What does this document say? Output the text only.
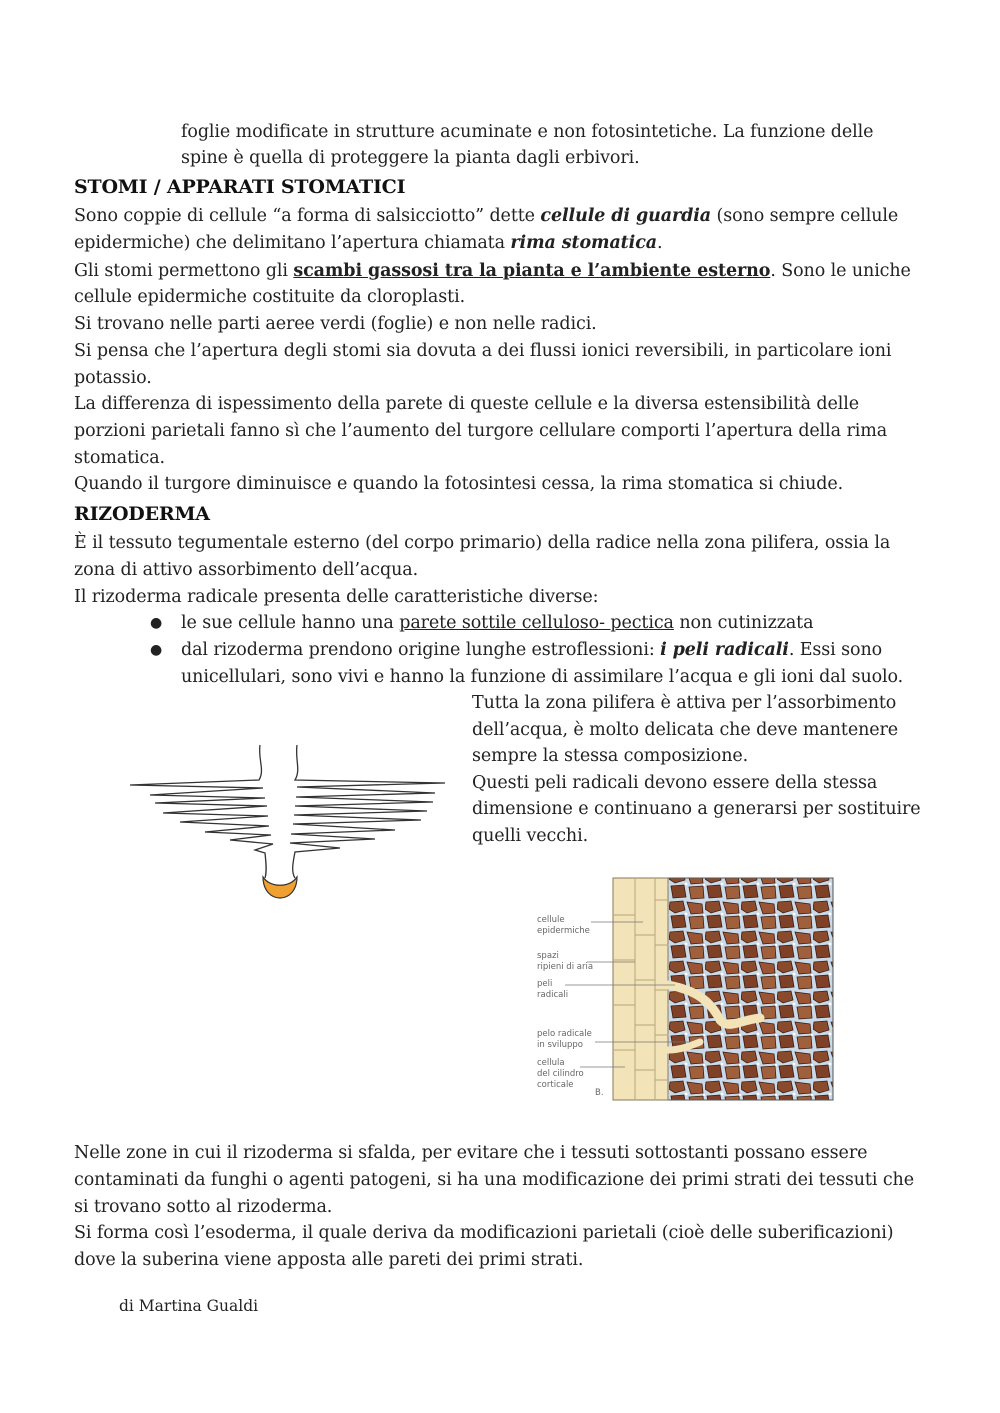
foglie modificate in strutture acuminate e non fotosintetiche. La funzione delle
spine è quella di proteggere la pianta dagli erbivori.
STOMI / APPARATI STOMATICI
Sono coppie di cellule “a forma di salsicciotto” dette cellule di guardia (sono sempre cellule
epidermiche) che delimitano l’apertura chiamata rima stomatica.
Gli stomi permettono gli scambi gassosi tra la pianta e l’ambiente esterno. Sono le uniche
cellule epidermiche costituite da cloroplasti.
Si trovano nelle parti aeree verdi (foglie) e non nelle radici.
Si pensa che l’apertura degli stomi sia dovuta a dei flussi ionici reversibili, in particolare ioni
potassio.
La differenza di ispessimento della parete di queste cellule e la diversa estensibilità delle
porzioni parietali fanno sì che l’aumento del turgore cellulare comporti l’apertura della rima
stomatica.
Quando il turgore diminuisce e quando la fotosintesi cessa, la rima stomatica si chiude.
RIZODERMA
È il tessuto tegumentale esterno (del corpo primario) della radice nella zona pilifera, ossia la
zona di attivo assorbimento dell’acqua.
Il rizoderma radicale presenta delle caratteristiche diverse:
● le sue cellule hanno una parete sottile celluloso- pectica non cutinizzata
● dal rizoderma prendono origine lunghe estroflessioni: i peli radicali. Essi sono
unicellulari, sono vivi e hanno la funzione di assimilare l’acqua e gli ioni dal suolo.
Tutta la zona pilifera è attiva per l’assorbimento
dell’acqua, è molto delicata che deve mantenere
sempre la stessa composizione.
Questi peli radicali devono essere della stessa
dimensione e continuano a generarsi per sostituire
quelli vecchi.
cellule epidermiche
spazi ripieni di aria
peli radicali
pelo radicale in sviluppo
cellula del cilindro corticale
B.
Nelle zone in cui il rizoderma si sfalda, per evitare che i tessuti sottostanti possano essere
contaminati da funghi o agenti patogeni, si ha una modificazione dei primi strati dei tessuti che
si trovano sotto al rizoderma.
Si forma così l’esoderma, il quale deriva da modificazioni parietali (cioè delle suberificazioni)
dove la suberina viene apposta alle pareti dei primi strati.
di Martina Gualdi
